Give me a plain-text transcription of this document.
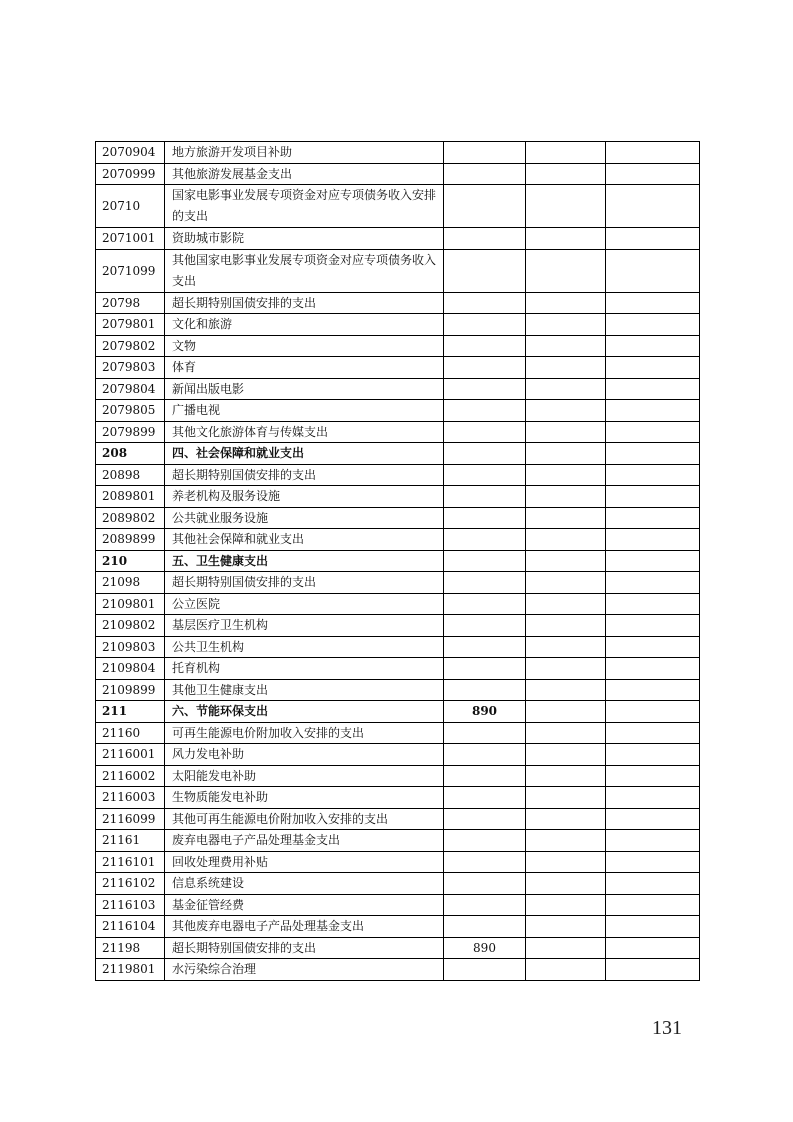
2070904	地方旅游开发项目补助			
2070999	其他旅游发展基金支出			
20710	国家电影事业发展专项资金对应专项债务收入安排的支出			
2071001	资助城市影院			
2071099	其他国家电影事业发展专项资金对应专项债务收入支出			
20798	超长期特别国债安排的支出			
2079801	文化和旅游			
2079802	文物			
2079803	体育			
2079804	新闻出版电影			
2079805	广播电视			
2079899	其他文化旅游体育与传媒支出			
208	四、社会保障和就业支出			
20898	超长期特别国债安排的支出			
2089801	养老机构及服务设施			
2089802	公共就业服务设施			
2089899	其他社会保障和就业支出			
210	五、卫生健康支出			
21098	超长期特别国债安排的支出			
2109801	公立医院			
2109802	基层医疗卫生机构			
2109803	公共卫生机构			
2109804	托育机构			
2109899	其他卫生健康支出			
211	六、节能环保支出	890		
21160	可再生能源电价附加收入安排的支出			
2116001	风力发电补助			
2116002	太阳能发电补助			
2116003	生物质能发电补助			
2116099	其他可再生能源电价附加收入安排的支出			
21161	废弃电器电子产品处理基金支出			
2116101	回收处理费用补贴			
2116102	信息系统建设			
2116103	基金征管经费			
2116104	其他废弃电器电子产品处理基金支出			
21198	超长期特别国债安排的支出	890		
2119801	水污染综合治理			
131
